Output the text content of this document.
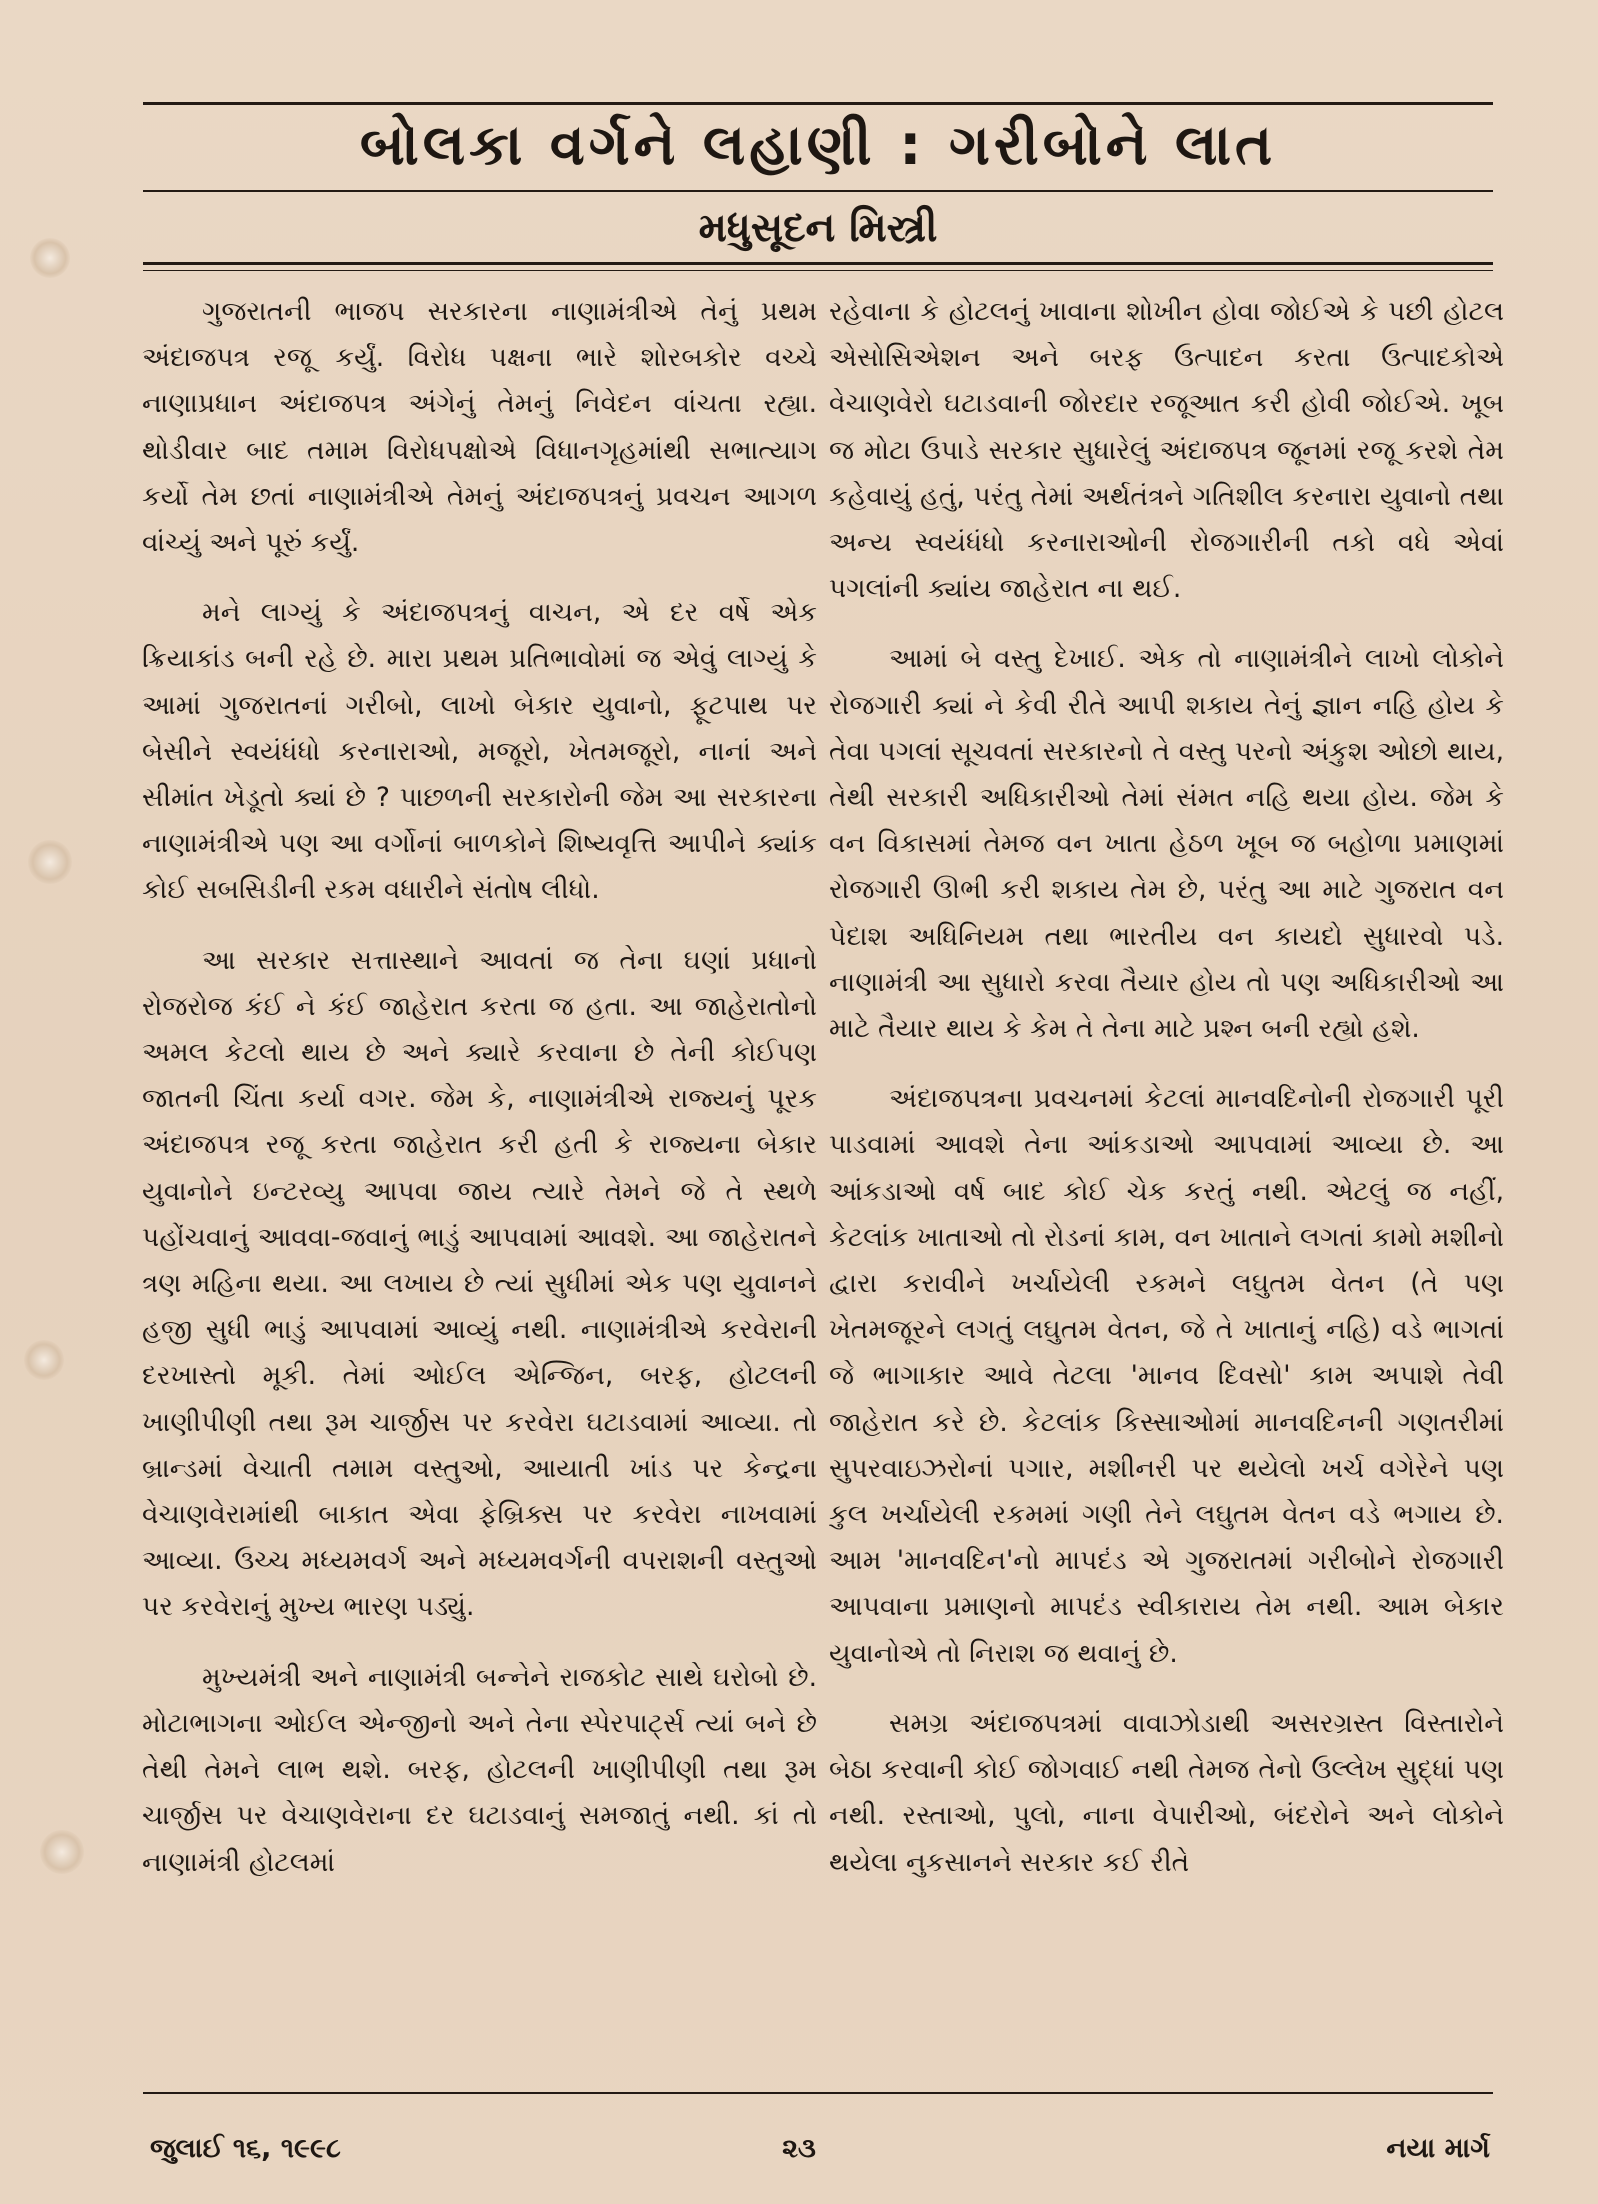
બોલકા વર્ગને લહાણી : ગરીબોને લાત
મધુસૂદન મિસ્ત્રી

ગુજરાતની ભાજપ સરકારના નાણામંત્રીએ તેનું પ્રથમ અંદાજપત્ર રજૂ કર્યું. વિરોધ પક્ષના ભારે શોરબકોર વચ્ચે નાણાપ્રધાન અંદાજપત્ર અંગેનું તેમનું નિવેદન વાંચતા રહ્યા. થોડીવાર બાદ તમામ વિરોધપક્ષોએ વિધાનગૃહમાંથી સભાત્યાગ કર્યો તેમ છતાં નાણામંત્રીએ તેમનું અંદાજપત્રનું પ્રવચન આગળ વાંચ્યું અને પૂરું કર્યું.

મને લાગ્યું કે અંદાજપત્રનું વાચન, એ દર વર્ષે એક ક્રિયાકાંડ બની રહે છે. મારા પ્રથમ પ્રતિભાવોમાં જ એવું લાગ્યું કે આમાં ગુજરાતનાં ગરીબો, લાખો બેકાર યુવાનો, ફૂટપાથ પર બેસીને સ્વયંધંધો કરનારાઓ, મજૂરો, ખેતમજૂરો, નાનાં અને સીમાંત ખેડૂતો ક્યાં છે ? પાછળની સરકારોની જેમ આ સરકારના નાણામંત્રીએ પણ આ વર્ગોનાં બાળકોને શિષ્યવૃત્તિ આપીને ક્યાંક કોઈ સબસિડીની રકમ વધારીને સંતોષ લીધો.

આ સરકાર સત્તાસ્થાને આવતાં જ તેના ઘણાં પ્રધાનો રોજરોજ કંઈ ને કંઈ જાહેરાત કરતા જ હતા. આ જાહેરાતોનો અમલ કેટલો થાય છે અને ક્યારે કરવાના છે તેની કોઈપણ જાતની ચિંતા કર્યા વગર. જેમ કે, નાણામંત્રીએ રાજ્યનું પૂરક અંદાજપત્ર રજૂ કરતા જાહેરાત કરી હતી કે રાજ્યના બેકાર યુવાનોને ઇન્ટરવ્યુ આપવા જાય ત્યારે તેમને જે તે સ્થળે પહોંચવાનું આવવા-જવાનું ભાડું આપવામાં આવશે. આ જાહેરાતને ત્રણ મહિના થયા. આ લખાય છે ત્યાં સુધીમાં એક પણ યુવાનને હજી સુધી ભાડું આપવામાં આવ્યું નથી. નાણામંત્રીએ કરવેરાની દરખાસ્તો મૂકી. તેમાં ઓઈલ એન્જિન, બરફ, હોટલની ખાણીપીણી તથા રૂમ ચાર્જીસ પર કરવેરા ઘટાડવામાં આવ્યા. તો બ્રાન્ડમાં વેચાતી તમામ વસ્તુઓ, આયાતી ખાંડ પર કેન્દ્રના વેચાણવેરામાંથી બાકાત એવા ફેબ્રિક્સ પર કરવેરા નાખવામાં આવ્યા. ઉચ્ચ મધ્યમવર્ગ અને મધ્યમવર્ગની વપરાશની વસ્તુઓ પર કરવેરાનું મુખ્ય ભારણ પડ્યું.

મુખ્યમંત્રી અને નાણામંત્રી બન્નેને રાજકોટ સાથે ઘરોબો છે. મોટાભાગના ઓઈલ એન્જીનો અને તેના સ્પેરપાર્ટ્સ ત્યાં બને છે તેથી તેમને લાભ થશે. બરફ, હોટલની ખાણીપીણી તથા રૂમ ચાર્જીસ પર વેચાણવેરાના દર ઘટાડવાનું સમજાતું નથી. કાં તો નાણામંત્રી હોટલમાં

રહેવાના કે હોટલનું ખાવાના શોખીન હોવા જોઈએ કે પછી હોટલ એસોસિએશન અને બરફ ઉત્પાદન કરતા ઉત્પાદકોએ વેચાણવેરો ઘટાડવાની જોરદાર રજૂઆત કરી હોવી જોઈએ. ખૂબ જ મોટા ઉપાડે સરકાર સુધારેલું અંદાજપત્ર જૂનમાં રજૂ કરશે તેમ કહેવાયું હતું, પરંતુ તેમાં અર્થતંત્રને ગતિશીલ કરનારા યુવાનો તથા અન્ય સ્વયંધંધો કરનારાઓની રોજગારીની તકો વધે એવાં પગલાંની ક્યાંય જાહેરાત ના થઈ.

આમાં બે વસ્તુ દેખાઈ. એક તો નાણામંત્રીને લાખો લોકોને રોજગારી ક્યાં ને કેવી રીતે આપી શકાય તેનું જ્ઞાન નહિ હોય કે તેવા પગલાં સૂચવતાં સરકારનો તે વસ્તુ પરનો અંકુશ ઓછો થાય, તેથી સરકારી અધિકારીઓ તેમાં સંમત નહિ થયા હોય. જેમ કે વન વિકાસમાં તેમજ વન ખાતા હેઠળ ખૂબ જ બહોળા પ્રમાણમાં રોજગારી ઊભી કરી શકાય તેમ છે, પરંતુ આ માટે ગુજરાત વન પેદાશ અધિનિયમ તથા ભારતીય વન કાયદો સુધારવો પડે. નાણામંત્રી આ સુધારો કરવા તૈયાર હોય તો પણ અધિકારીઓ આ માટે તૈયાર થાય કે કેમ તે તેના માટે પ્રશ્ન બની રહ્યો હશે.

અંદાજપત્રના પ્રવચનમાં કેટલાં માનવદિનોની રોજગારી પૂરી પાડવામાં આવશે તેના આંકડાઓ આપવામાં આવ્યા છે. આ આંકડાઓ વર્ષ બાદ કોઈ ચેક કરતું નથી. એટલું જ નહીં, કેટલાંક ખાતાઓ તો રોડનાં કામ, વન ખાતાને લગતાં કામો મશીનો દ્વારા કરાવીને ખર્ચાયેલી રકમને લઘુતમ વેતન (તે પણ ખેતમજૂરને લગતું લઘુતમ વેતન, જે તે ખાતાનું નહિ) વડે ભાગતાં જે ભાગાકાર આવે તેટલા 'માનવ દિવસો' કામ અપાશે તેવી જાહેરાત કરે છે. કેટલાંક કિસ્સાઓમાં માનવદિનની ગણતરીમાં સુપરવાઇઝરોનાં પગાર, મશીનરી પર થયેલો ખર્ચ વગેરેને પણ કુલ ખર્ચાયેલી રકમમાં ગણી તેને લઘુતમ વેતન વડે ભગાય છે. આમ 'માનવદિન'નો માપદંડ એ ગુજરાતમાં ગરીબોને રોજગારી આપવાના પ્રમાણનો માપદંડ સ્વીકારાય તેમ નથી. આમ બેકાર યુવાનોએ તો નિરાશ જ થવાનું છે.

સમગ્ર અંદાજપત્રમાં વાવાઝોડાથી અસરગ્રસ્ત વિસ્તારોને બેઠા કરવાની કોઈ જોગવાઈ નથી તેમજ તેનો ઉલ્લેખ સુદ્ધાં પણ નથી. રસ્તાઓ, પુલો, નાના વેપારીઓ, બંદરોને અને લોકોને થયેલા નુકસાનને સરકાર કઈ રીતે

જુલાઈ ૧૬, ૧૯૯૮	૨૩	નયા માર્ગ
